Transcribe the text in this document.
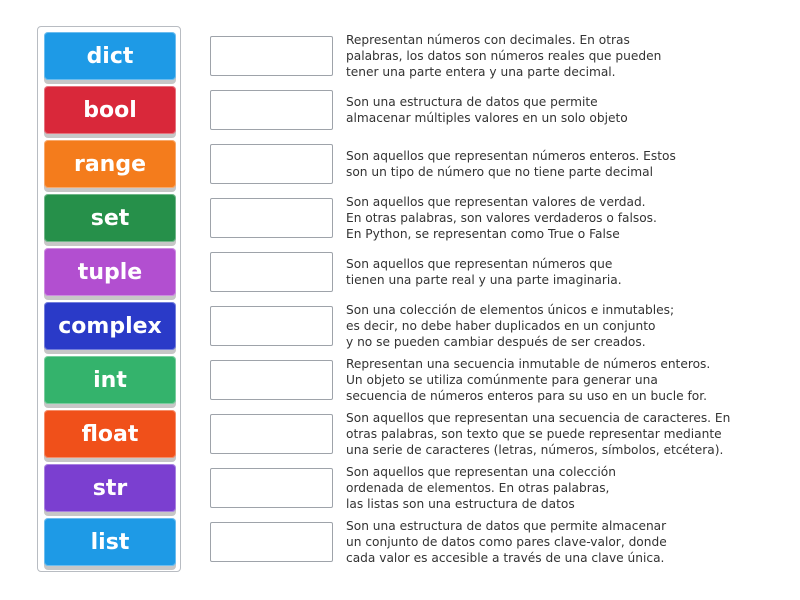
dict
bool
range
set
tuple
complex
int
float
str
list
Representan números con decimales. En otras
palabras, los datos son números reales que pueden
tener una parte entera y una parte decimal.
Son una estructura de datos que permite
almacenar múltiples valores en un solo objeto
Son aquellos que representan números enteros. Estos
son un tipo de número que no tiene parte decimal
Son aquellos que representan valores de verdad.
En otras palabras, son valores verdaderos o falsos.
En Python, se representan como True o False
Son aquellos que representan números que
tienen una parte real y una parte imaginaria.
Son una colección de elementos únicos e inmutables;
es decir, no debe haber duplicados en un conjunto
y no se pueden cambiar después de ser creados.
Representan una secuencia inmutable de números enteros.
Un objeto se utiliza comúnmente para generar una
secuencia de números enteros para su uso en un bucle for.
Son aquellos que representan una secuencia de caracteres. En
otras palabras, son texto que se puede representar mediante
una serie de caracteres (letras, números, símbolos, etcétera).
Son aquellos que representan una colección
ordenada de elementos. En otras palabras,
las listas son una estructura de datos
Son una estructura de datos que permite almacenar
un conjunto de datos como pares clave-valor, donde
cada valor es accesible a través de una clave única.
